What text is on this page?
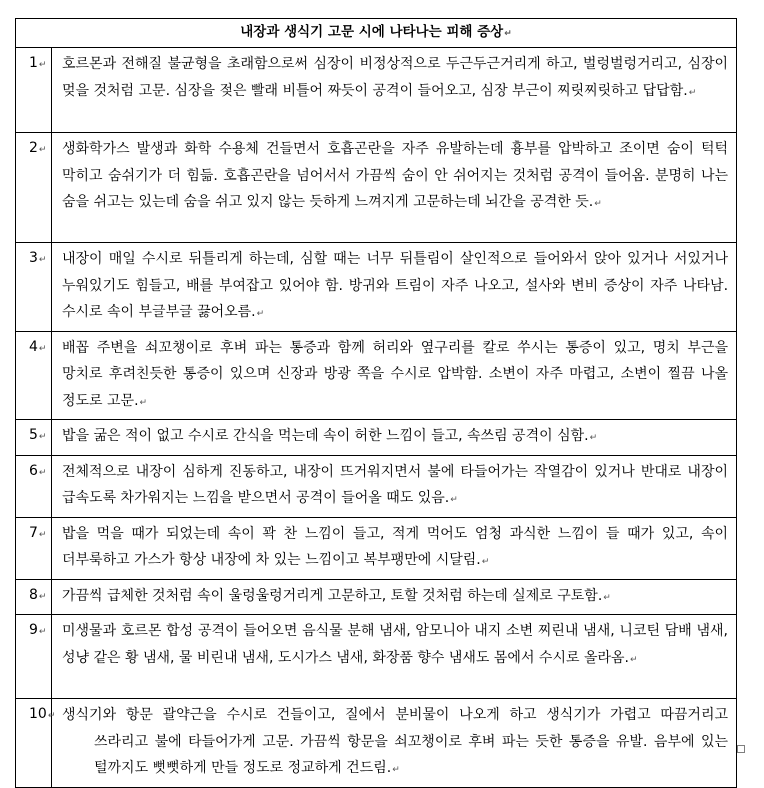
내장과 생식기 고문 시에 나타나는 피해 증상↵	
1↵	호르몬과 전해질 불균형을 초래함으로써 심장이 비정상적으로 두근두근거리게 하고, 벌렁벌렁거리고, 심장이 멎을 것처럼 고문. 심장을 젖은 빨래 비틀어 짜듯이 공격이 들어오고, 심장 부근이 찌릿찌릿하고 답답함.↵
2↵	생화학가스 발생과 화학 수용체 건들면서 호흡곤란을 자주 유발하는데 흉부를 압박하고 조이면 숨이 턱턱 막히고 숨쉬기가 더 힘듦. 호흡곤란을 넘어서서 가끔씩 숨이 안 쉬어지는 것처럼 공격이 들어옴. 분명히 나는 숨을 쉬고는 있는데 숨을 쉬고 있지 않는 듯하게 느껴지게 고문하는데 뇌간을 공격한 듯.↵
3↵	내장이 매일 수시로 뒤틀리게 하는데, 심할 때는 너무 뒤틀림이 살인적으로 들어와서 앉아 있거나 서있거나 누워있기도 힘들고, 배를 부여잡고 있어야 함. 방귀와 트림이 자주 나오고, 설사와 변비 증상이 자주 나타남. 수시로 속이 부글부글 끓어오름.↵
4↵	배꼽 주변을 쇠꼬챙이로 후벼 파는 통증과 함께 허리와 옆구리를 칼로 쑤시는 통증이 있고, 명치 부근을 망치로 후려친듯한 통증이 있으며 신장과 방광 쪽을 수시로 압박함. 소변이 자주 마렵고, 소변이 찔끔 나올 정도로 고문.↵
5↵	밥을 굶은 적이 없고 수시로 간식을 먹는데 속이 허한 느낌이 들고, 속쓰림 공격이 심함.↵
6↵	전체적으로 내장이 심하게 진동하고, 내장이 뜨거워지면서 불에 타들어가는 작열감이 있거나 반대로 내장이 급속도록 차가워지는 느낌을 받으면서 공격이 들어올 때도 있음.↵
7↵	밥을 먹을 때가 되었는데 속이 꽉 찬 느낌이 들고, 적게 먹어도 엄청 과식한 느낌이 들 때가 있고, 속이 더부룩하고 가스가 항상 내장에 차 있는 느낌이고 복부팽만에 시달림.↵
8↵	가끔씩 급체한 것처럼 속이 울렁울렁거리게 고문하고, 토할 것처럼 하는데 실제로 구토함.↵
9↵	미생물과 호르몬 합성 공격이 들어오면 음식물 분해 냄새, 암모니아 내지 소변 찌린내 냄새, 니코틴 담배 냄새, 성냥 같은 황 냄새, 물 비린내 냄새, 도시가스 냄새, 화장품 향수 냄새도 몸에서 수시로 올라옴.↵
10↵	생식기와 항문 괄약근을 수시로 건들이고, 질에서 분비물이 나오게 하고 생식기가 가렵고 따끔거리고 쓰라리고 불에 타들어가게 고문. 가끔씩 항문을 쇠꼬챙이로 후벼 파는 듯한 통증을 유발. 음부에 있는 털까지도 뻣뻣하게 만들 정도로 정교하게 건드림.↵
